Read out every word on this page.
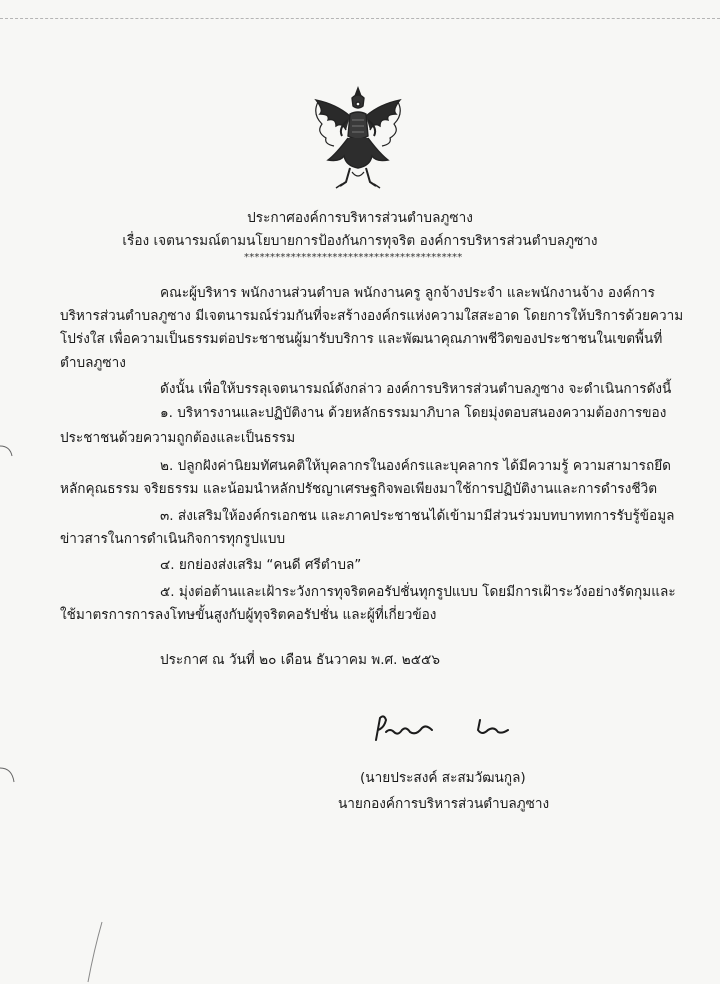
ประกาศองค์การบริหารส่วนตำบลภูซาง
เรื่อง เจตนารมณ์ตามนโยบายการป้องกันการทุจริต องค์การบริหารส่วนตำบลภูซาง
******************************************
คณะผู้บริหาร พนักงานส่วนตำบล พนักงานครู ลูกจ้างประจำ และพนักงานจ้าง องค์การ
บริหารส่วนตำบลภูซาง มีเจตนารมณ์ร่วมกันที่จะสร้างองค์กรแห่งความใสสะอาด โดยการให้บริการด้วยความ
โปร่งใส เพื่อความเป็นธรรมต่อประชาชนผู้มารับบริการ และพัฒนาคุณภาพชีวิตของประชาชนในเขตพื้นที่
ตำบลภูซาง
ดังนั้น เพื่อให้บรรลุเจตนารมณ์ดังกล่าว องค์การบริหารส่วนตำบลภูซาง จะดำเนินการดังนี้
๑. บริหารงานและปฏิบัติงาน ด้วยหลักธรรมมาภิบาล โดยมุ่งตอบสนองความต้องการของ
ประชาชนด้วยความถูกต้องและเป็นธรรม
๒. ปลูกฝังค่านิยมทัศนคติให้บุคลากรในองค์กรและบุคลากร ได้มีความรู้ ความสามารถยึด
หลักคุณธรรม จริยธรรม และน้อมนำหลักปรัชญาเศรษฐกิจพอเพียงมาใช้การปฏิบัติงานและการดำรงชีวิต
๓. ส่งเสริมให้องค์กรเอกชน และภาคประชาชนได้เข้ามามีส่วนร่วมบทบาททการรับรู้ข้อมูล
ข่าวสารในการดำเนินกิจการทุกรูปแบบ
๔. ยกย่องส่งเสริม “คนดี ศรีตำบล”
๕. มุ่งต่อต้านและเฝ้าระวังการทุจริตคอรัปชั่นทุกรูปแบบ โดยมีการเฝ้าระวังอย่างรัดกุมและ
ใช้มาตรการการลงโทษขั้นสูงกับผู้ทุจริตคอรัปชั่น และผู้ที่เกี่ยวข้อง
ประกาศ ณ วันที่ ๒๐ เดือน ธันวาคม พ.ศ. ๒๕๕๖
(นายประสงค์ สะสมวัฒนกูล)
นายกองค์การบริหารส่วนตำบลภูซาง
